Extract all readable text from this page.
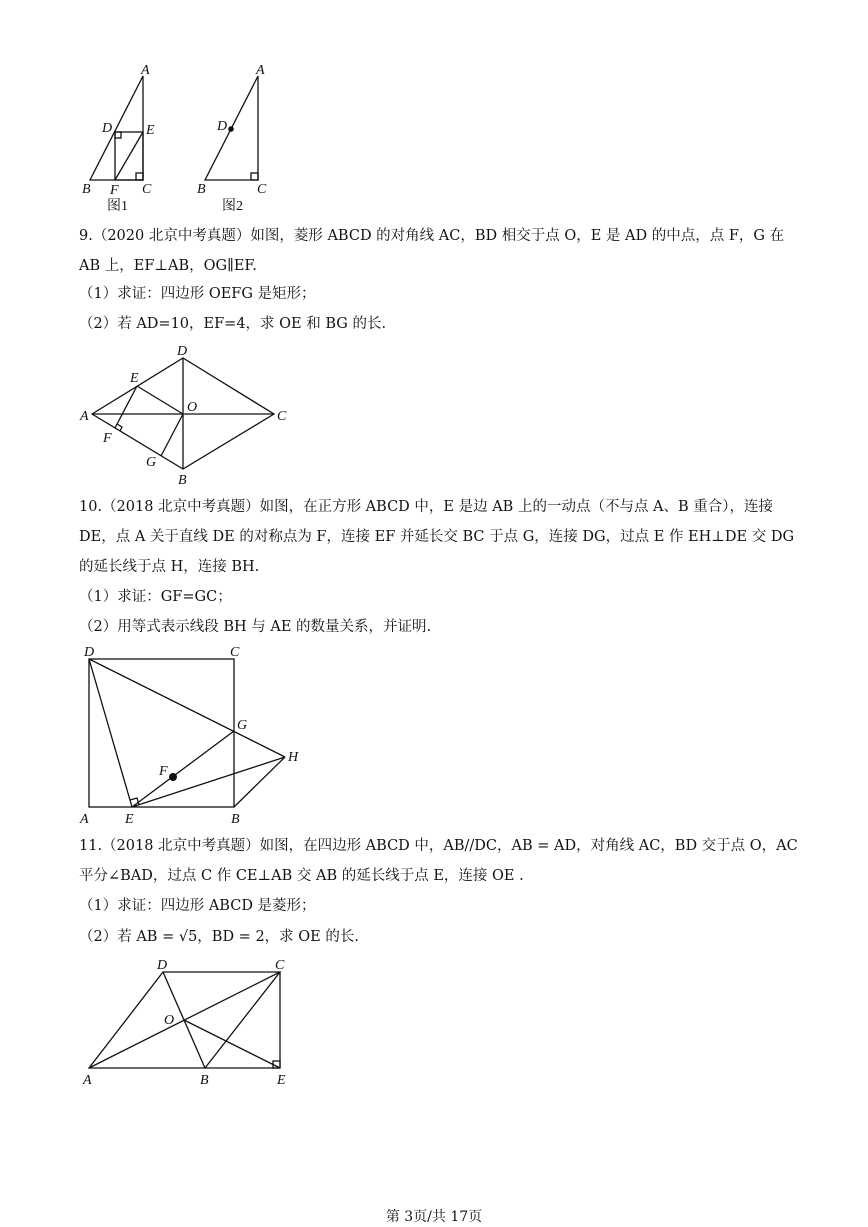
A
D E
B F C
图1
A
D
B	C
图2
9.（2020 北京中考真题）如图，菱形 ABCD 的对角线 AC，BD 相交于点 O，E 是 AD 的中点，点 F，G 在
AB 上，EF⊥AB，OG∥EF.
（1）求证：四边形 OEFG 是矩形；
（2）若 AD=10，EF=4，求 OE 和 BG 的长.
D
E
A
O
C
F
G
B
10.（2018 北京中考真题）如图，在正方形 ABCD 中，E 是边 AB 上的一动点（不与点 A、B 重合），连接
DE，点 A 关于直线 DE 的对称点为 F，连接 EF 并延长交 BC 于点 G，连接 DG，过点 E 作 EH⊥DE 交 DG
的延长线于点 H，连接 BH.
（1）求证：GF=GC；
（2）用等式表示线段 BH 与 AE 的数量关系，并证明.
D	C
G
H
F
A	E	B
11.（2018 北京中考真题）如图，在四边形 ABCD 中，AB//DC，AB = AD，对角线 AC，BD 交于点 O，AC
平分∠BAD，过点 C 作 CE⊥AB 交 AB 的延长线于点 E，连接 OE .
（1）求证：四边形 ABCD 是菱形；
（2）若 AB = √5，BD = 2，求 OE 的长.
D	C
O
A	B	E
第 3页/共 17页
